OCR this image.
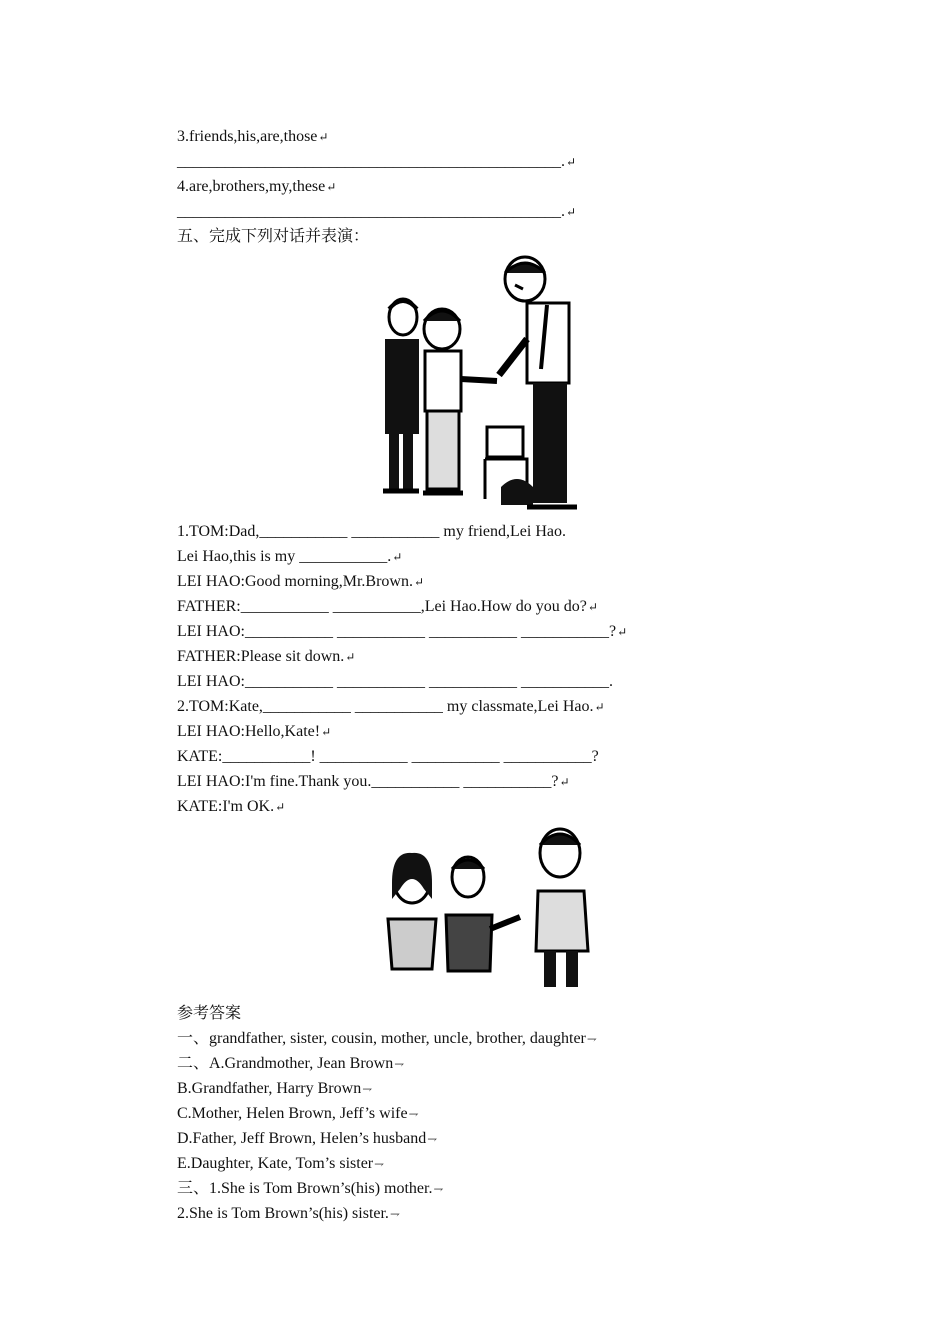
3.friends,his,are,those↵
________________________________________________.↵
4.are,brothers,my,these↵
________________________________________________.↵
五、完成下列对话并表演：
1.TOM:Dad,___________ ___________ my friend,Lei Hao.
Lei Hao,this is my ___________.↵
LEI HAO:Good morning,Mr.Brown.↵
FATHER:___________ ___________,Lei Hao.How do you do?↵
LEI HAO:___________ ___________ ___________ ___________?↵
FATHER:Please sit down.↵
LEI HAO:___________ ___________ ___________ ___________.
2.TOM:Kate,___________ ___________ my classmate,Lei Hao.↵
LEI HAO:Hello,Kate!↵
KATE:___________! ___________ ___________ ___________?
LEI HAO:I'm fine.Thank you.___________ ___________?↵
KATE:I'm OK.↵
参考答案
一、grandfather, sister, cousin, mother, uncle, brother, daughter⇁
二、A.Grandmother, Jean Brown⇁
B.Grandfather, Harry Brown⇁
C.Mother, Helen Brown, Jeff’s wife⇁
D.Father, Jeff Brown, Helen’s husband⇁
E.Daughter, Kate, Tom’s sister⇁
三、1.She is Tom Brown’s(his) mother.⇁
2.She is Tom Brown’s(his) sister.⇁
